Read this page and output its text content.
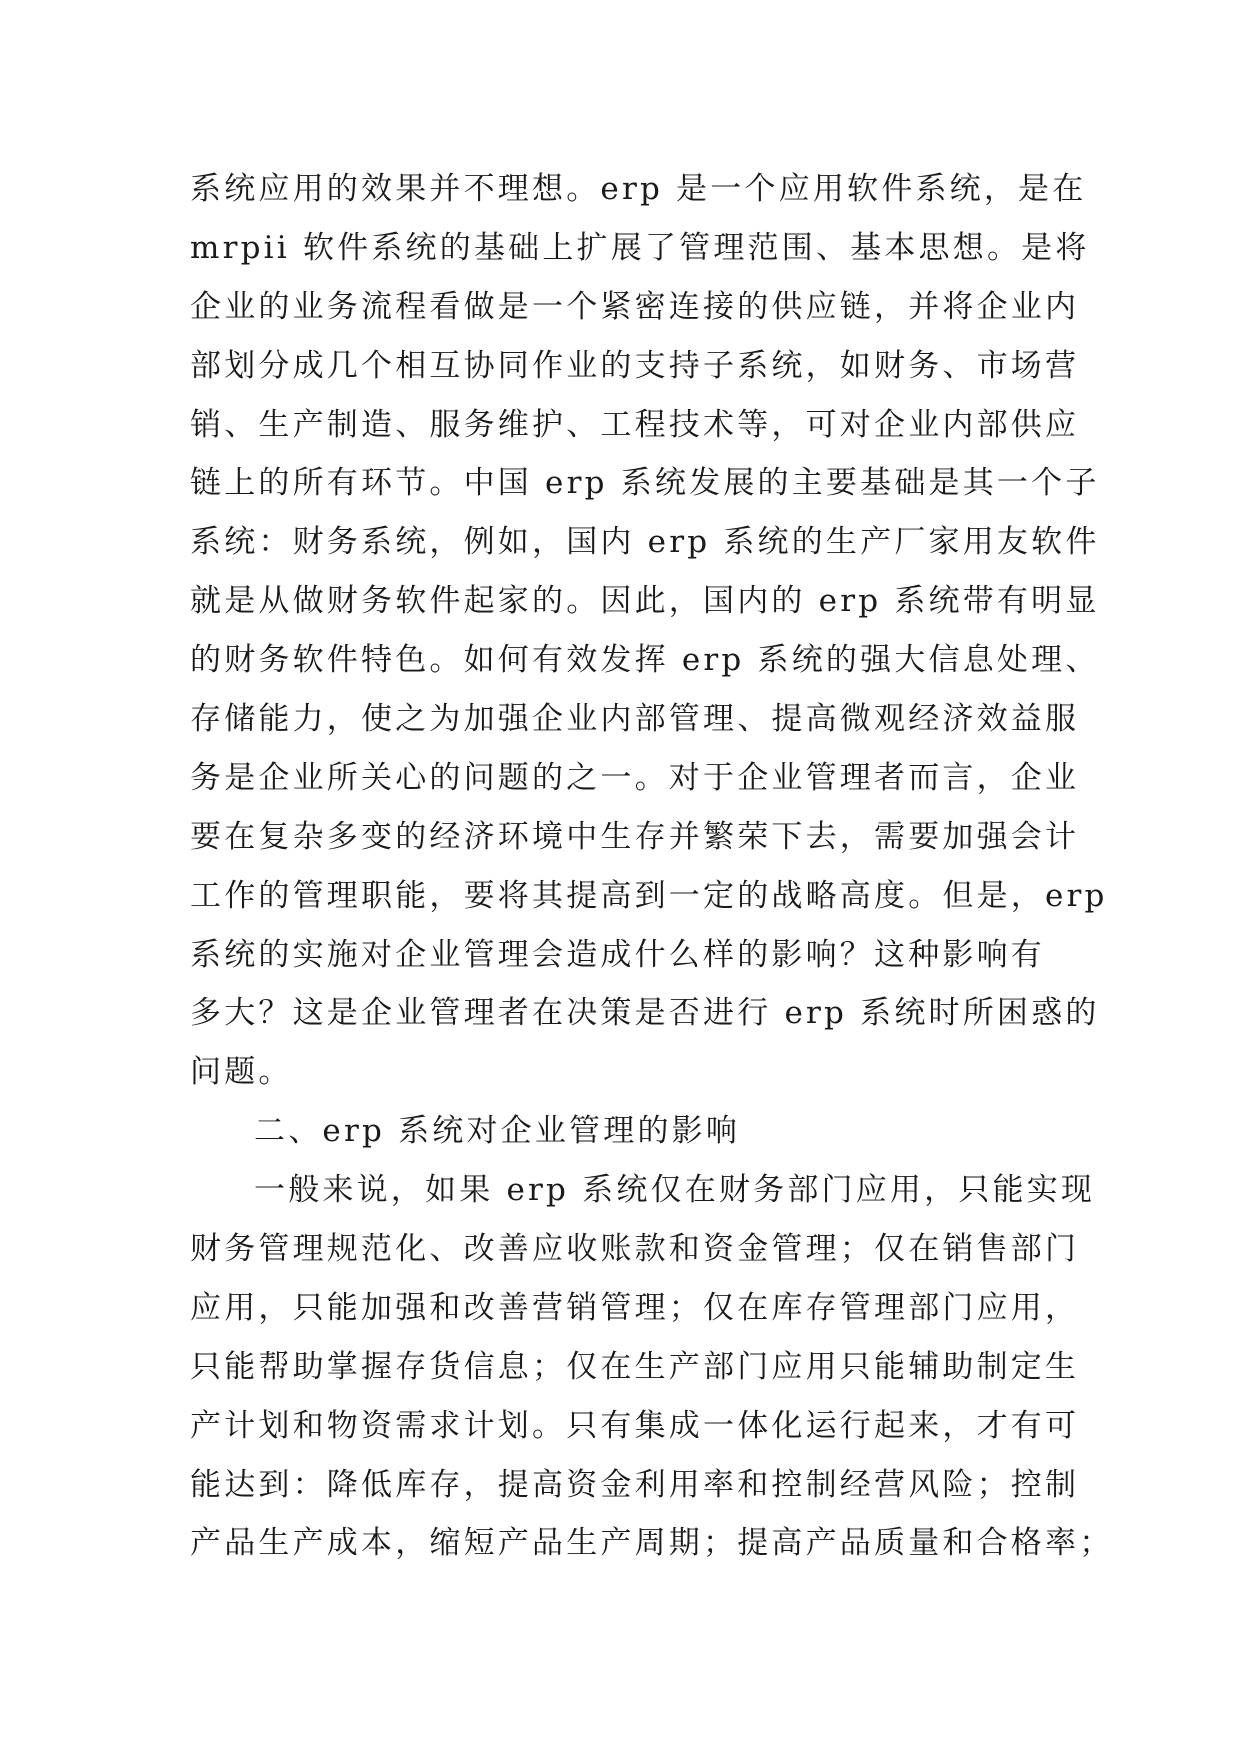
系统应用的效果并不理想。erp 是一个应用软件系统，是在
mrpii 软件系统的基础上扩展了管理范围、基本思想。是将
企业的业务流程看做是一个紧密连接的供应链，并将企业内
部划分成几个相互协同作业的支持子系统，如财务、市场营
销、生产制造、服务维护、工程技术等，可对企业内部供应
链上的所有环节。中国 erp 系统发展的主要基础是其一个子
系统：财务系统，例如，国内 erp 系统的生产厂家用友软件
就是从做财务软件起家的。因此，国内的 erp 系统带有明显
的财务软件特色。如何有效发挥 erp 系统的强大信息处理、
存储能力，使之为加强企业内部管理、提高微观经济效益服
务是企业所关心的问题的之一。对于企业管理者而言，企业
要在复杂多变的经济环境中生存并繁荣下去，需要加强会计
工作的管理职能，要将其提高到一定的战略高度。但是，erp
系统的实施对企业管理会造成什么样的影响？这种影响有
多大？这是企业管理者在决策是否进行 erp 系统时所困惑的
问题。
二、erp 系统对企业管理的影响
一般来说，如果 erp 系统仅在财务部门应用，只能实现
财务管理规范化、改善应收账款和资金管理；仅在销售部门
应用，只能加强和改善营销管理；仅在库存管理部门应用，
只能帮助掌握存货信息；仅在生产部门应用只能辅助制定生
产计划和物资需求计划。只有集成一体化运行起来，才有可
能达到：降低库存，提高资金利用率和控制经营风险；控制
产品生产成本，缩短产品生产周期；提高产品质量和合格率；
